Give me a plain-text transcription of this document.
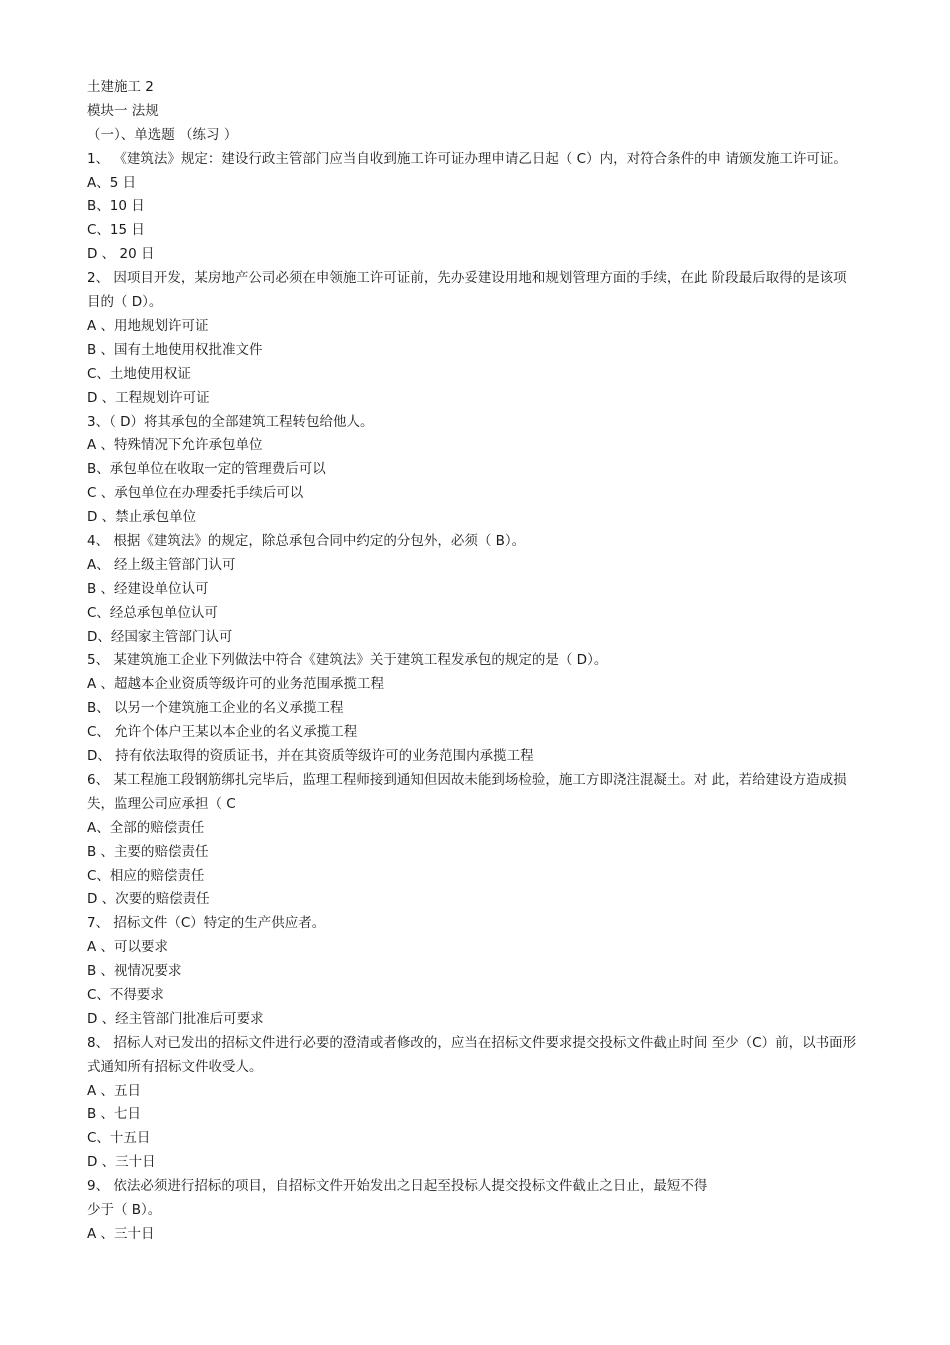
土建施工 2
模块一 法规
（一）、单选题 （练习 ）
1、 《建筑法》规定：建设行政主管部门应当自收到施工许可证办理申请乙日起（ C）内，对符合条件的申 请颁发施工许可证。
A、5 日
B、10 日
C、15 日
D 、 20 日
2、 因项目开发，某房地产公司必须在申领施工许可证前，先办妥建设用地和规划管理方面的手续，在此 阶段最后取得的是该项目的（ D）。
A 、用地规划许可证
B 、国有土地使用权批准文件
C、土地使用权证
D 、工程规划许可证
3、（ D）将其承包的全部建筑工程转包给他人。
A 、特殊情况下允许承包单位
B、承包单位在收取一定的管理费后可以
C 、承包单位在办理委托手续后可以
D 、禁止承包单位
4、 根据《建筑法》的规定，除总承包合同中约定的分包外，必须（ B）。
A、 经上级主管部门认可
B 、经建设单位认可
C、经总承包单位认可
D、经国家主管部门认可
5、 某建筑施工企业下列做法中符合《建筑法》关于建筑工程发承包的规定的是（ D）。
A 、超越本企业资质等级许可的业务范围承揽工程
B、 以另一个建筑施工企业的名义承揽工程
C、 允许个体户王某以本企业的名义承揽工程
D、 持有依法取得的资质证书，并在其资质等级许可的业务范围内承揽工程
6、 某工程施工段钢筋绑扎完毕后，监理工程师接到通知但因故未能到场检验，施工方即浇注混凝土。对 此，若给建设方造成损失，监理公司应承担（ C
A、全部的赔偿责任
B 、主要的赔偿责任
C、相应的赔偿责任
D 、次要的赔偿责任
7、 招标文件（C）特定的生产供应者。
A 、可以要求
B 、视情况要求
C、不得要求
D 、经主管部门批准后可要求
8、 招标人对已发出的招标文件进行必要的澄清或者修改的，应当在招标文件要求提交投标文件截止时间 至少（C）前，以书面形式通知所有招标文件收受人。
A 、五日
B 、七日
C、十五日
D 、三十日
9、 依法必须进行招标的项目，自招标文件开始发出之日起至投标人提交投标文件截止之日止，最短不得
少于（ B）。
A 、三十日
